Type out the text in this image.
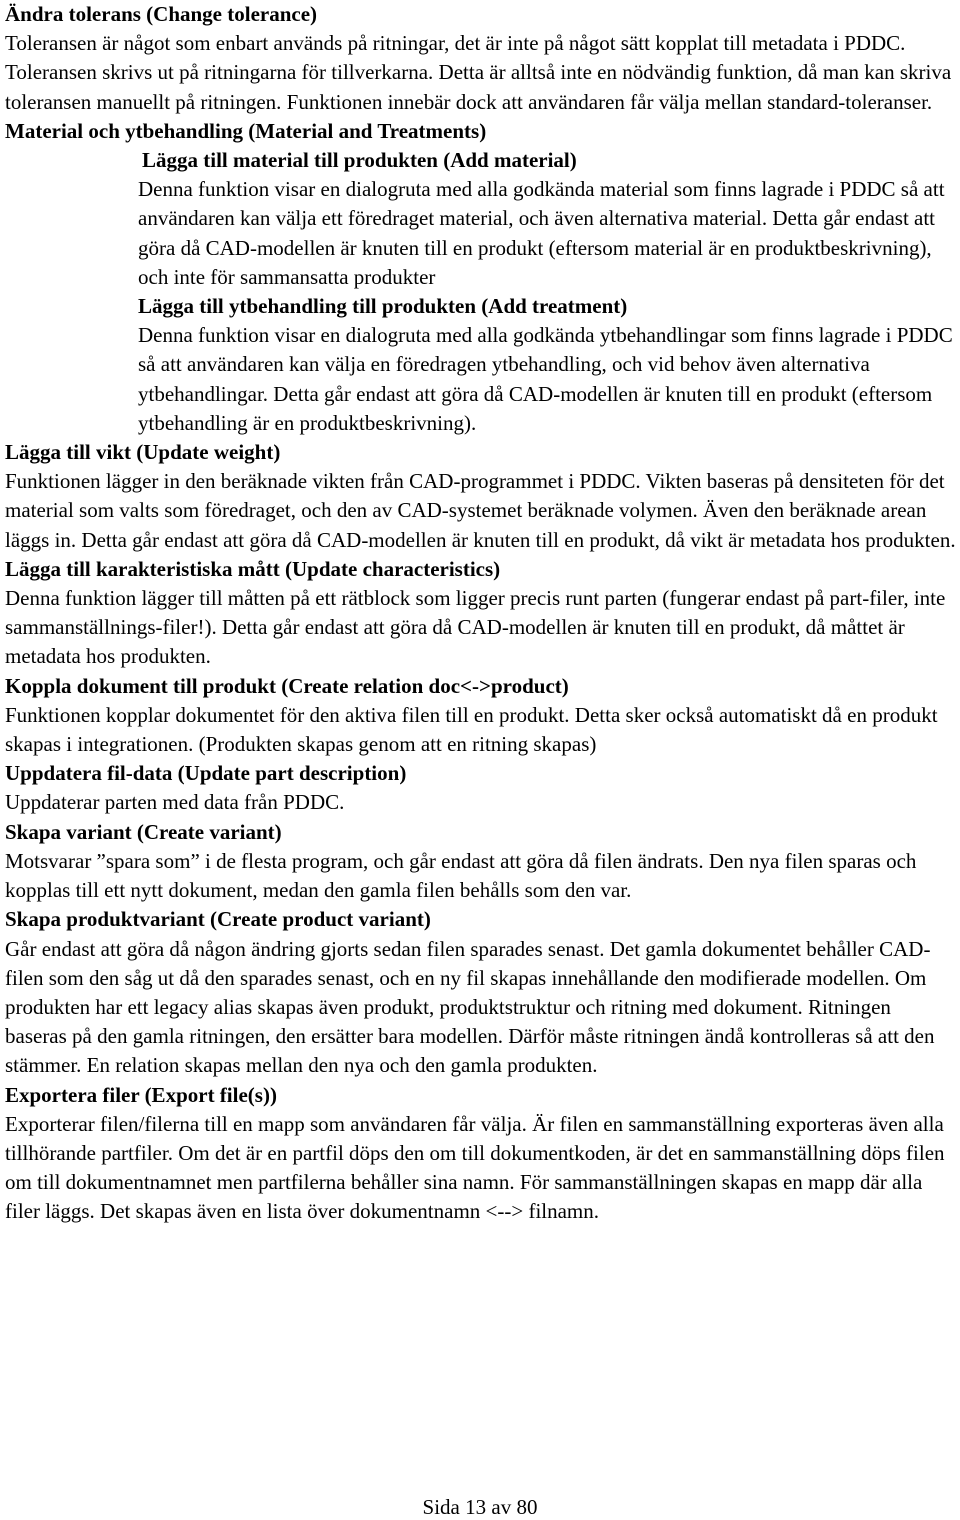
Ändra tolerans (Change tolerance)

Toleransen är något som enbart används på ritningar, det är inte på något sätt kopplat till metadata i PDDC. Toleransen skrivs ut på ritningarna för tillverkarna. Detta är alltså inte en nödvändig funktion, då man kan skriva toleransen manuellt på ritningen. Funktionen innebär dock att användaren får välja mellan standard-toleranser.

Material och ytbehandling (Material and Treatments)

Lägga till material till produkten (Add material)

Denna funktion visar en dialogruta med alla godkända material som finns lagrade i PDDC så att användaren kan välja ett föredraget material, och även alternativa material. Detta går endast att göra då CAD-modellen är knuten till en produkt (eftersom material är en produktbeskrivning), och inte för sammansatta produkter

Lägga till ytbehandling till produkten (Add treatment)

Denna funktion visar en dialogruta med alla godkända ytbehandlingar som finns lagrade i PDDC så att användaren kan välja en föredragen ytbehandling, och vid behov även alternativa ytbehandlingar. Detta går endast att göra då CAD-modellen är knuten till en produkt (eftersom ytbehandling är en produktbeskrivning).

Lägga till vikt (Update weight)

Funktionen lägger in den beräknade vikten från CAD-programmet i PDDC. Vikten baseras på densiteten för det material som valts som föredraget, och den av CAD-systemet beräknade volymen. Även den beräknade arean läggs in. Detta går endast att göra då CAD-modellen är knuten till en produkt, då vikt är metadata hos produkten.

Lägga till karakteristiska mått (Update characteristics)

Denna funktion lägger till måtten på ett rätblock som ligger precis runt parten (fungerar endast på part-filer, inte sammanställnings-filer!). Detta går endast att göra då CAD-modellen är knuten till en produkt, då måttet är metadata hos produkten.

Koppla dokument till produkt (Create relation doc<->product)

Funktionen kopplar dokumentet för den aktiva filen till en produkt. Detta sker också automatiskt då en produkt skapas i integrationen. (Produkten skapas genom att en ritning skapas)

Uppdatera fil-data (Update part description)

Uppdaterar parten med data från PDDC.

Skapa variant (Create variant)

Motsvarar ”spara som” i de flesta program, och går endast att göra då filen ändrats. Den nya filen sparas och kopplas till ett nytt dokument, medan den gamla filen behålls som den var.

Skapa produktvariant (Create product variant)

Går endast att göra då någon ändring gjorts sedan filen sparades senast. Det gamla dokumentet behåller CAD-filen som den såg ut då den sparades senast, och en ny fil skapas innehållande den modifierade modellen. Om produkten har ett legacy alias skapas även produkt, produktstruktur och ritning med dokument. Ritningen baseras på den gamla ritningen, den ersätter bara modellen. Därför måste ritningen ändå kontrolleras så att den stämmer. En relation skapas mellan den nya och den gamla produkten.

Exportera filer (Export file(s))

Exporterar filen/filerna till en mapp som användaren får välja. Är filen en sammanställning exporteras även alla tillhörande partfiler. Om det är en partfil döps den om till dokumentkoden, är det en sammanställning döps filen om till dokumentnamnet men partfilerna behåller sina namn. För sammanställningen skapas en mapp där alla filer läggs. Det skapas även en lista över dokumentnamn <--> filnamn.

Sida 13 av 80
